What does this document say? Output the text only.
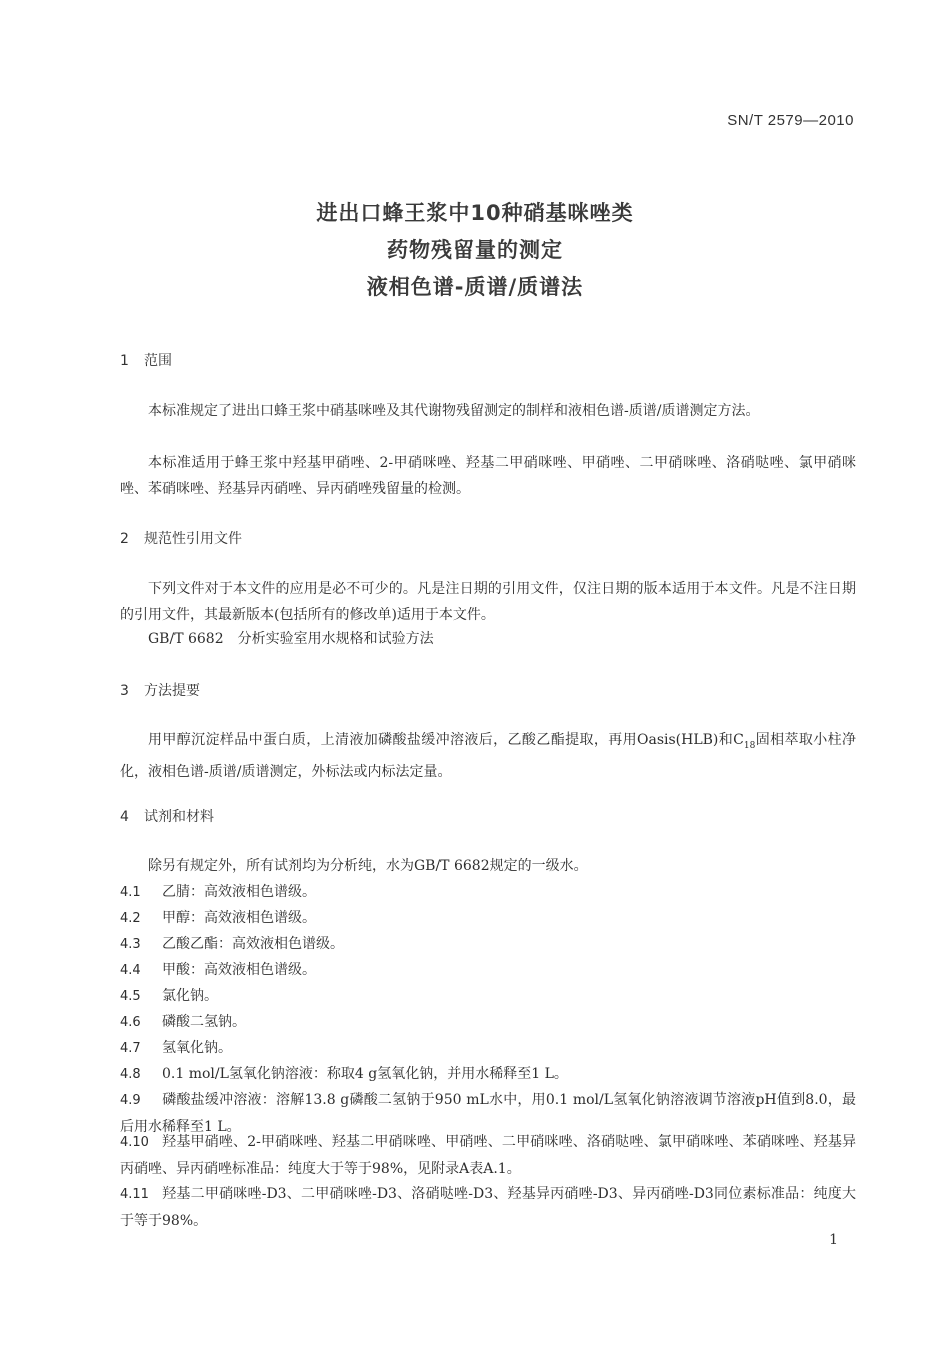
SN/T 2579—2010
进出口蜂王浆中10种硝基咪唑类
药物残留量的测定
液相色谱-质谱/质谱法
1 范围

本标准规定了进出口蜂王浆中硝基咪唑及其代谢物残留测定的制样和液相色谱-质谱/质谱测定方法。

本标准适用于蜂王浆中羟基甲硝唑、2-甲硝咪唑、羟基二甲硝咪唑、甲硝唑、二甲硝咪唑、洛硝哒唑、氯甲硝咪唑、苯硝咪唑、羟基异丙硝唑、异丙硝唑残留量的检测。

2 规范性引用文件

下列文件对于本文件的应用是必不可少的。凡是注日期的引用文件，仅注日期的版本适用于本文件。凡是不注日期的引用文件，其最新版本(包括所有的修改单)适用于本文件。

GB/T 6682　分析实验室用水规格和试验方法
3 方法提要

用甲醇沉淀样品中蛋白质，上清液加磷酸盐缓冲溶液后，乙酸乙酯提取，再用Oasis(HLB)和$C_{18}$固相萃取小柱净化，液相色谱-质谱/质谱测定，外标法或内标法定量。

4 试剂和材料
除另有规定外，所有试剂均为分析纯，水为GB/T 6682规定的一级水。

4.1 乙腈：高效液相色谱级。

4.2 甲醇：高效液相色谱级。

4.3 乙酸乙酯：高效液相色谱级。

4.4 甲酸：高效液相色谱级。

4.5 氯化钠。

4.6 磷酸二氢钠。

4.7 氢氧化钠。

4.8 0.1 mol/L氢氧化钠溶液：称取4 g氢氧化钠，并用水稀释至1 L。

4.9 磷酸盐缓冲溶液：溶解13.8 g磷酸二氢钠于950 mL水中，用0.1 mol/L氢氧化钠溶液调节溶液pH值到8.0，最后用水稀释至1 L。

4.10 羟基甲硝唑、2-甲硝咪唑、羟基二甲硝咪唑、甲硝唑、二甲硝咪唑、洛硝哒唑、氯甲硝咪唑、苯硝咪唑、羟基异丙硝唑、异丙硝唑标准品：纯度大于等于98%，见附录A表A.1。

4.11 羟基二甲硝咪唑-D3、二甲硝咪唑-D3、洛硝哒唑-D3、羟基异丙硝唑-D3、异丙硝唑-D3同位素标准品：纯度大于等于98%。

1
